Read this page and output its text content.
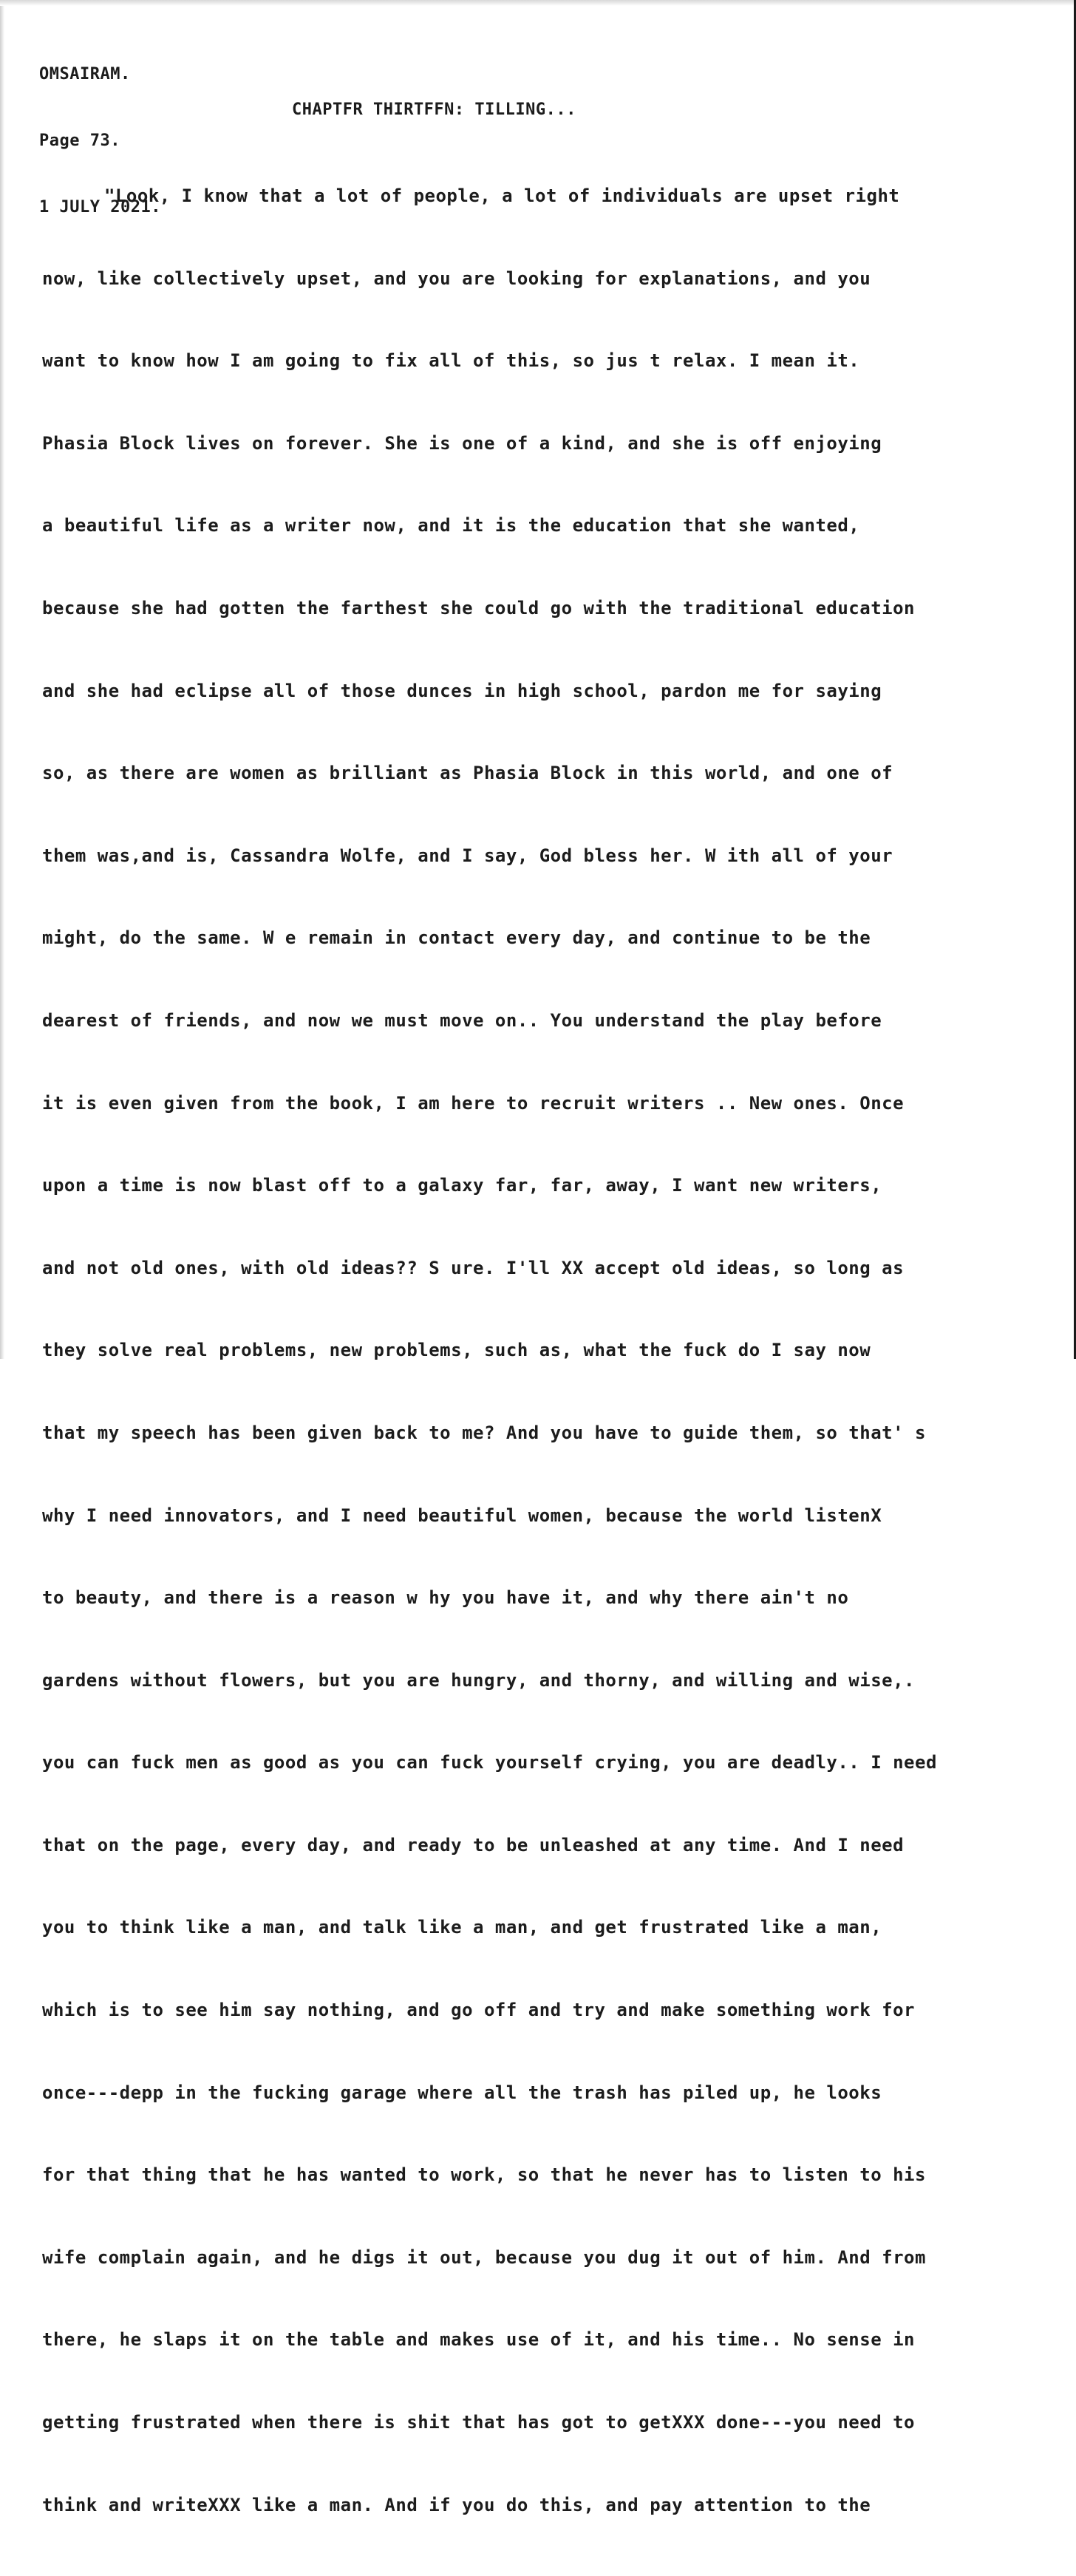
OMSAIRAM.

Page 73.

1 JULY 2021.

CHAPTFR THIRTFFN: TILLING...

"Look, I know that a lot of people, a lot of individuals are upset right

now, like collectively upset, and you are looking for explanations, and you

want to know how I am going to fix all of this, so jus t relax. I mean it.

Phasia Block lives on forever. She is one of a kind, and she is off enjoying

a beautiful life as a writer now, and it is the education that she wanted,

because she had gotten the farthest she could go with the traditional education

and she had eclipse all of those dunces in high school, pardon me for saying

so, as there are women as brilliant as Phasia Block in this world, and one of

them was,and is, Cassandra Wolfe, and I say, God bless her. W ith all of your

might, do the same. W e remain in contact every day, and continue to be the

dearest of friends, and now we must move on.. You understand the play before

it is even given from the book, I am here to recruit writers .. New ones. Once

upon a time is now blast off to a galaxy far, far, away, I want new writers,

and not old ones, with old ideas?? S ure. I'll XX accept old ideas, so long as

they solve real problems, new problems, such as, what the fuck do I say now

that my speech has been given back to me? And you have to guide them, so that' s

why I need innovators, and I need beautiful women, because the world listenX

to beauty, and there is a reason w hy you have it, and why there ain't no

gardens without flowers, but you are hungry, and thorny, and willing and wise,.

you can fuck men as good as you can fuck yourself crying, you are deadly.. I need

that on the page, every day, and ready to be unleashed at any time. And I need

you to think like a man, and talk like a man, and get frustrated like a man,

which is to see him say nothing, and go off and try and make something work for

once---depp in the fucking garage where all the trash has piled up, he looks

for that thing that he has wanted to work, so that he never has to listen to his

wife complain again, and he digs it out, because you dug it out of him. And from

there, he slaps it on the table and makes use of it, and his time.. No sense in

getting frustrated when there is shit that has got to getXXX done---you need to

think and writeXXX like a man. And if you do this, and pay attention to the
